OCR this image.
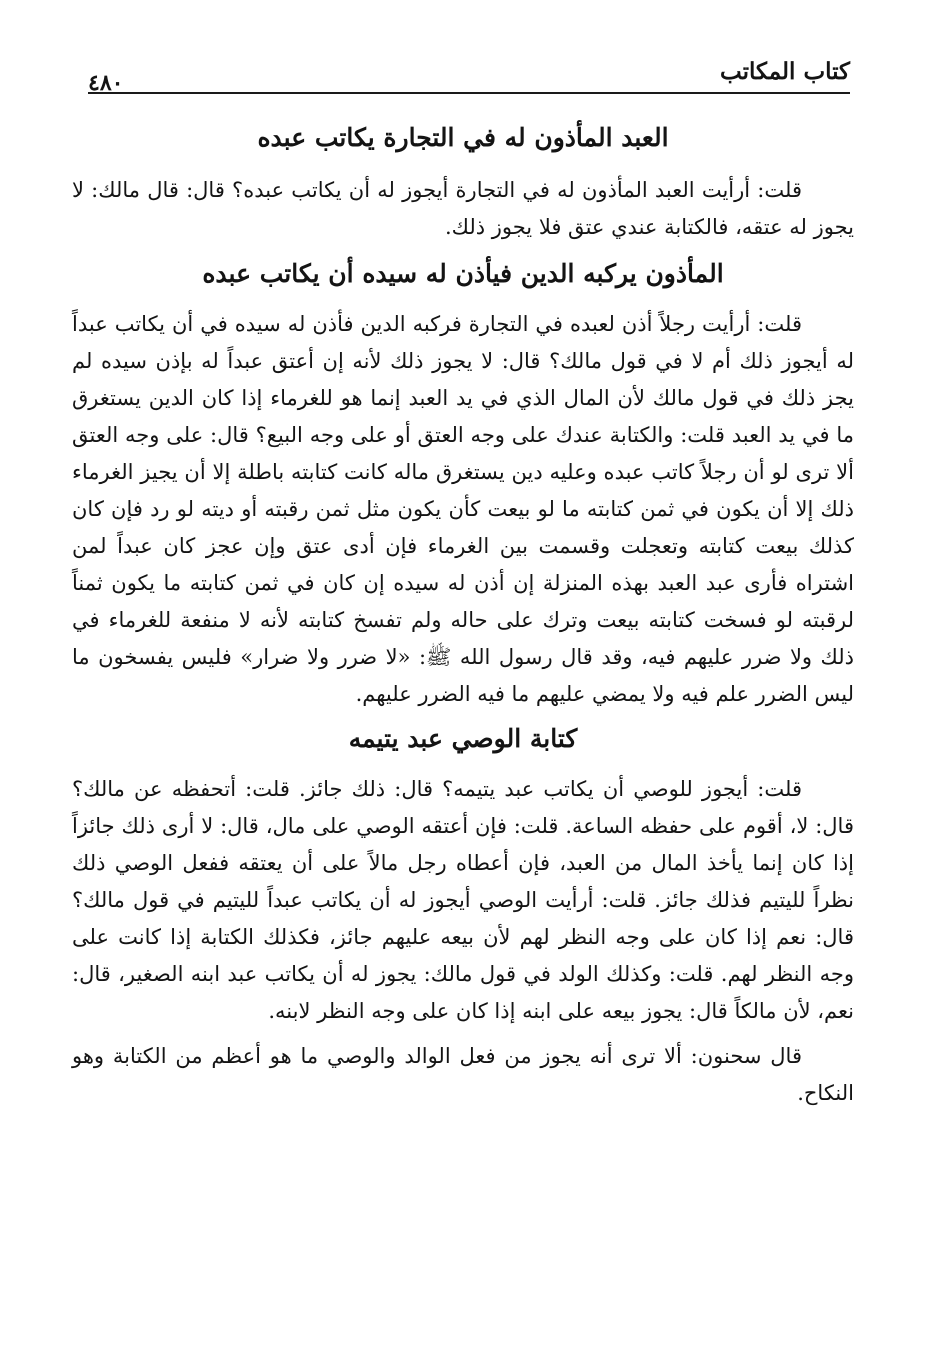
كتاب المكاتب
٤٨٠
العبد المأذون له في التجارة يكاتب عبده

قلت: أرأيت العبد المأذون له في التجارة أيجوز له أن يكاتب عبده؟ قال: قال مالك: لا يجوز له عتقه، فالكتابة عندي عتق فلا يجوز ذلك.

المأذون يركبه الدين فيأذن له سيده أن يكاتب عبده

قلت: أرأيت رجلاً أذن لعبده في التجارة فركبه الدين فأذن له سيده في أن يكاتب عبداً له أيجوز ذلك أم لا في قول مالك؟ قال: لا يجوز ذلك لأنه إن أعتق عبداً له بإذن سيده لم يجز ذلك في قول مالك لأن المال الذي في يد العبد إنما هو للغرماء إذا كان الدين يستغرق ما في يد العبد قلت: والكتابة عندك على وجه العتق أو على وجه البيع؟ قال: على وجه العتق ألا ترى لو أن رجلاً كاتب عبده وعليه دين يستغرق ماله كانت كتابته باطلة إلا أن يجيز الغرماء ذلك إلا أن يكون في ثمن كتابته ما لو بيعت كأن يكون مثل ثمن رقبته أو ديته لو رد فإن كان كذلك بيعت كتابته وتعجلت وقسمت بين الغرماء فإن أدى عتق وإن عجز كان عبداً لمن اشتراه فأرى عبد العبد بهذه المنزلة إن أذن له سيده إن كان في ثمن كتابته ما يكون ثمناً لرقبته لو فسخت كتابته بيعت وترك على حاله ولم تفسخ كتابته لأنه لا منفعة للغرماء في ذلك ولا ضرر عليهم فيه، وقد قال رسول الله ﷺ: «لا ضرر ولا ضرار» فليس يفسخون ما ليس الضرر علم فيه ولا يمضي عليهم ما فيه الضرر عليهم.

كتابة الوصي عبد يتيمه

قلت: أيجوز للوصي أن يكاتب عبد يتيمه؟ قال: ذلك جائز. قلت: أتحفظه عن مالك؟ قال: لا، أقوم على حفظه الساعة. قلت: فإن أعتقه الوصي على مال، قال: لا أرى ذلك جائزاً إذا كان إنما يأخذ المال من العبد، فإن أعطاه رجل مالاً على أن يعتقه ففعل الوصي ذلك نظراً لليتيم فذلك جائز. قلت: أرأيت الوصي أيجوز له أن يكاتب عبداً لليتيم في قول مالك؟ قال: نعم إذا كان على وجه النظر لهم لأن بيعه عليهم جائز، فكذلك الكتابة إذا كانت على وجه النظر لهم. قلت: وكذلك الولد في قول مالك: يجوز له أن يكاتب عبد ابنه الصغير، قال: نعم، لأن مالكاً قال: يجوز بيعه على ابنه إذا كان على وجه النظر لابنه.

قال سحنون: ألا ترى أنه يجوز من فعل الوالد والوصي ما هو أعظم من الكتابة وهو النكاح.
